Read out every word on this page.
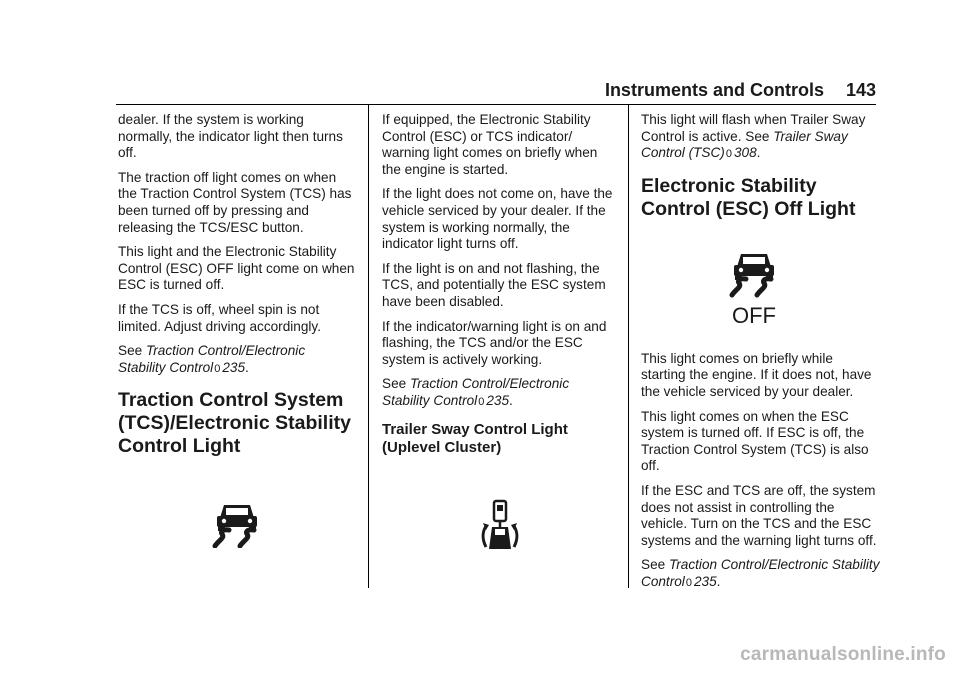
Instruments and Controls 143

dealer. If the system is working normally, the indicator light then turns off.

The traction off light comes on when the Traction Control System (TCS) has been turned off by pressing and releasing the TCS/ESC button.

This light and the Electronic Stability Control (ESC) OFF light come on when ESC is turned off.

If the TCS is off, wheel spin is not limited. Adjust driving accordingly.

See Traction Control/Electronic Stability Control0 235.

Traction Control System (TCS)/Electronic Stability Control Light

If equipped, the Electronic Stability Control (ESC) or TCS indicator/ warning light comes on briefly when the engine is started.

If the light does not come on, have the vehicle serviced by your dealer. If the system is working normally, the indicator light turns off.

If the light is on and not flashing, the TCS, and potentially the ESC system have been disabled.

If the indicator/warning light is on and flashing, the TCS and/or the ESC system is actively working.

See Traction Control/Electronic Stability Control0 235.

Trailer Sway Control Light (Uplevel Cluster)

This light will flash when Trailer Sway Control is active. See Trailer Sway Control (TSC)0 308.

Electronic Stability Control (ESC) Off Light
OFF

This light comes on briefly while starting the engine. If it does not, have the vehicle serviced by your dealer.

This light comes on when the ESC system is turned off. If ESC is off, the Traction Control System (TCS) is also off.

If the ESC and TCS are off, the system does not assist in controlling the vehicle. Turn on the TCS and the ESC systems and the warning light turns off.

See Traction Control/Electronic Stability Control0 235.

carmanualsonline.info
